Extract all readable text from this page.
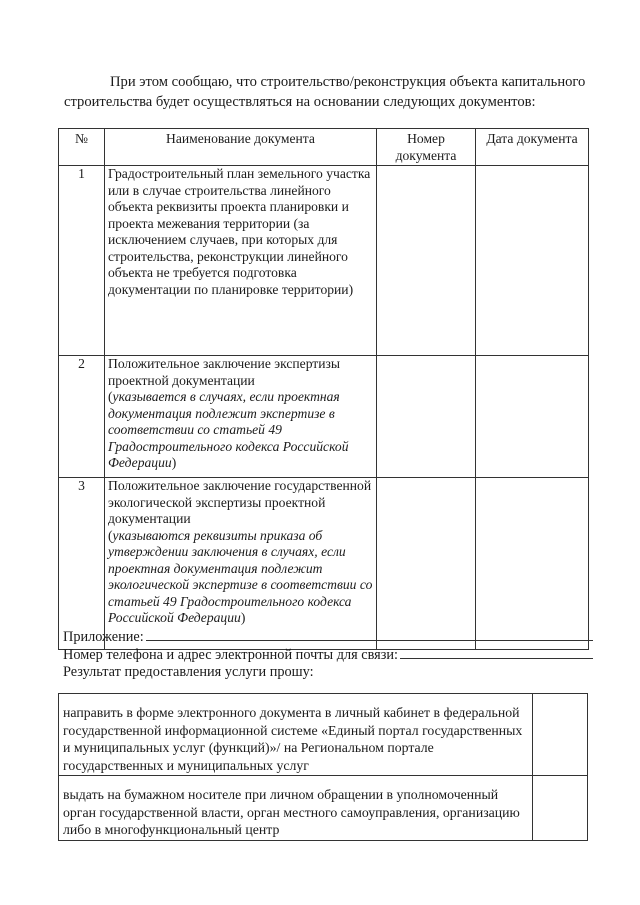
При этом сообщаю, что строительство/реконструкция объекта капитального строительства будет осуществляться на основании следующих документов:

№	Наименование документа	Номер документа	Дата документа
1	Градостроительный план земельного участка или в случае строительства линейного объекта реквизиты проекта планировки и проекта межевания территории (за исключением случаев, при которых для строительства, реконструкции линейного объекта не требуется подготовка документации по планировке территории)		

2	Положительное заключение экспертизы проектной документации
(указывается в случаях, если проектная документация подлежит экспертизе в соответствии со статьей 49 Градостроительного кодекса Российской Федерации)		
3	Положительное заключение государственной экологической экспертизы проектной документации
(указываются реквизиты приказа об утверждении заключения в случаях, если проектная документация подлежит экологической экспертизе в соответствии со статьей 49 Градостроительного кодекса Российской Федерации)		
Приложение:
Номер телефона и адрес электронной почты для связи:
Результат предоставления услуги прошу:
направить в форме электронного документа в личный кабинет в федеральной государственной информационной системе «Единый портал государственных и муниципальных услуг (функций)»/ на Региональном портале государственных и муниципальных услуг	
выдать на бумажном носителе при личном обращении в уполномоченный орган государственной власти, орган местного самоуправления, организацию либо в многофункциональный центр	
